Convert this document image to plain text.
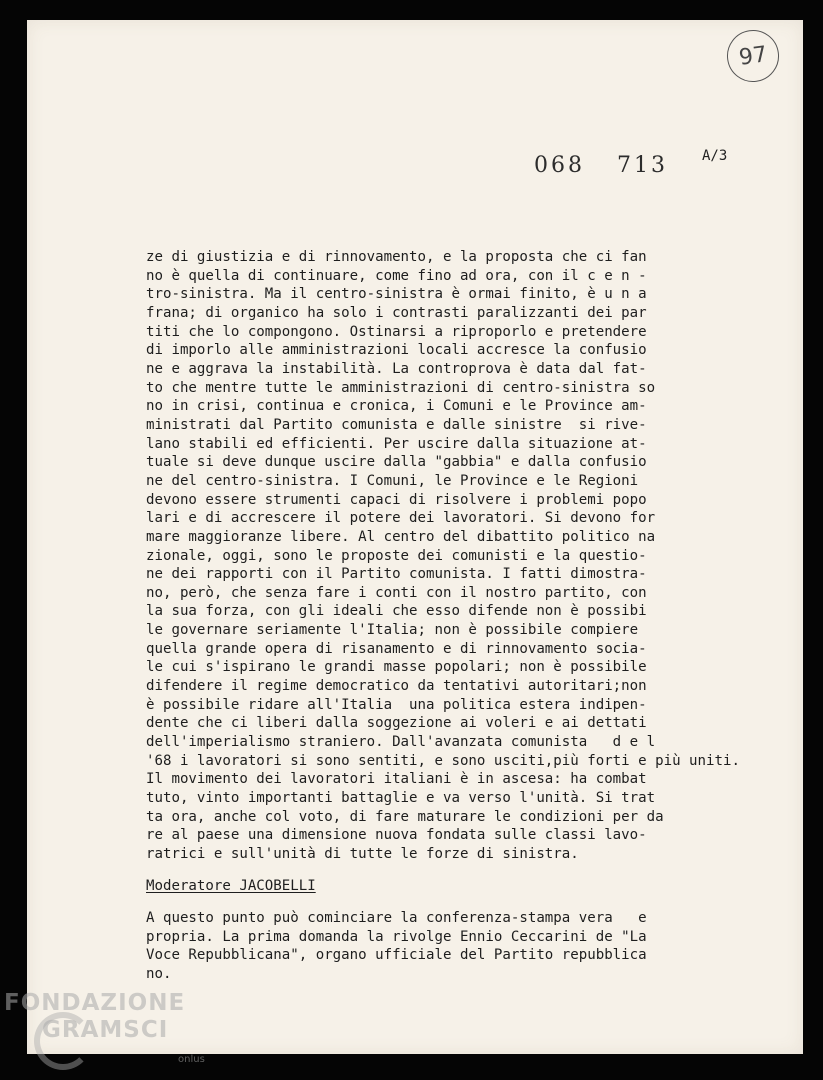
97
068 713 A/3
ze di giustizia e di rinnovamento, e la proposta che ci fan
no è quella di continuare, come fino ad ora, con il c e n -
tro-sinistra. Ma il centro-sinistra è ormai finito, è u n a
frana; di organico ha solo i contrasti paralizzanti dei par
titi che lo compongono. Ostinarsi a riproporlo e pretendere
di imporlo alle amministrazioni locali accresce la confusio
ne e aggrava la instabilità. La controprova è data dal fat-
to che mentre tutte le amministrazioni di centro-sinistra so
no in crisi, continua e cronica, i Comuni e le Province am-
ministrati dal Partito comunista e dalle sinistre  si rive-
lano stabili ed efficienti. Per uscire dalla situazione at-
tuale si deve dunque uscire dalla "gabbia" e dalla confusio
ne del centro-sinistra. I Comuni, le Province e le Regioni
devono essere strumenti capaci di risolvere i problemi popo
lari e di accrescere il potere dei lavoratori. Si devono for
mare maggioranze libere. Al centro del dibattito politico na
zionale, oggi, sono le proposte dei comunisti e la questio-
ne dei rapporti con il Partito comunista. I fatti dimostra-
no, però, che senza fare i conti con il nostro partito, con
la sua forza, con gli ideali che esso difende non è possibi
le governare seriamente l'Italia; non è possibile compiere
quella grande opera di risanamento e di rinnovamento socia-
le cui s'ispirano le grandi masse popolari; non è possibile
difendere il regime democratico da tentativi autoritari;non
è possibile ridare all'Italia  una politica estera indipen-
dente che ci liberi dalla soggezione ai voleri e ai dettati
dell'imperialismo straniero. Dall'avanzata comunista   d e l
'68 i lavoratori si sono sentiti, e sono usciti,più forti e più uniti.
Il movimento dei lavoratori italiani è in ascesa: ha combat
tuto, vinto importanti battaglie e va verso l'unità. Si trat
ta ora, anche col voto, di fare maturare le condizioni per da
re al paese una dimensione nuova fondata sulle classi lavo-
ratrici e sull'unità di tutte le forze di sinistra.
Moderatore JACOBELLI
A questo punto può cominciare la conferenza-stampa vera   e
propria. La prima domanda la rivolge Ennio Ceccarini de "La
Voce Repubblicana", organo ufficiale del Partito repubblica
no.
FONDAZIONE
GRAMSCI
onlus
